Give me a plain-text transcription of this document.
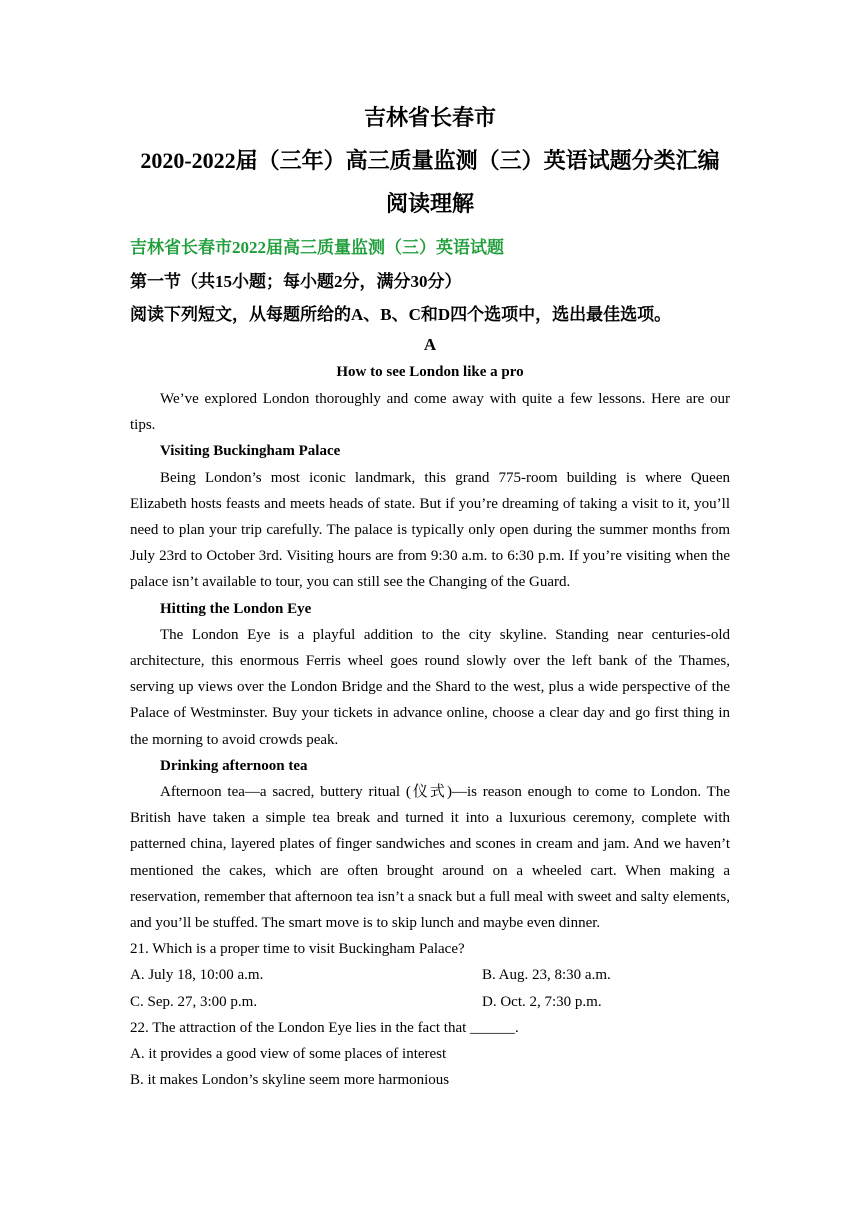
吉林省长春市
2020-2022届（三年）高三质量监测（三）英语试题分类汇编
阅读理解
吉林省长春市2022届高三质量监测（三）英语试题
第一节（共15小题；每小题2分，满分30分）
阅读下列短文，从每题所给的A、B、C和D四个选项中，选出最佳选项。
A
How to see London like a pro

We’ve explored London thoroughly and come away with quite a few lessons. Here are our tips.

Visiting Buckingham Palace

Being London’s most iconic landmark, this grand 775-room building is where Queen Elizabeth hosts feasts and meets heads of state. But if you’re dreaming of taking a visit to it, you’ll need to plan your trip carefully. The palace is typically only open during the summer months from July 23rd to October 3rd. Visiting hours are from 9:30 a.m. to 6:30 p.m. If you’re visiting when the palace isn’t available to tour, you can still see the Changing of the Guard.

Hitting the London Eye

The London Eye is a playful addition to the city skyline. Standing near centuries-old architecture, this enormous Ferris wheel goes round slowly over the left bank of the Thames, serving up views over the London Bridge and the Shard to the west, plus a wide perspective of the Palace of Westminster. Buy your tickets in advance online, choose a clear day and go first thing in the morning to avoid crowds peak.

Drinking afternoon tea

Afternoon tea—a sacred, buttery ritual (仪式)—is reason enough to come to London. The British have taken a simple tea break and turned it into a luxurious ceremony, complete with patterned china, layered plates of finger sandwiches and scones in cream and jam. And we haven’t mentioned the cakes, which are often brought around on a wheeled cart. When making a reservation, remember that afternoon tea isn’t a snack but a full meal with sweet and salty elements, and you’ll be stuffed. The smart move is to skip lunch and maybe even dinner.

21. Which is a proper time to visit Buckingham Palace?
A. July 18, 10:00 a.m.	B. Aug. 23, 8:30 a.m.
C. Sep. 27, 3:00 p.m.	D. Oct. 2, 7:30 p.m.
22. The attraction of the London Eye lies in the fact that ______.
A. it provides a good view of some places of interest
B. it makes London’s skyline seem more harmonious
